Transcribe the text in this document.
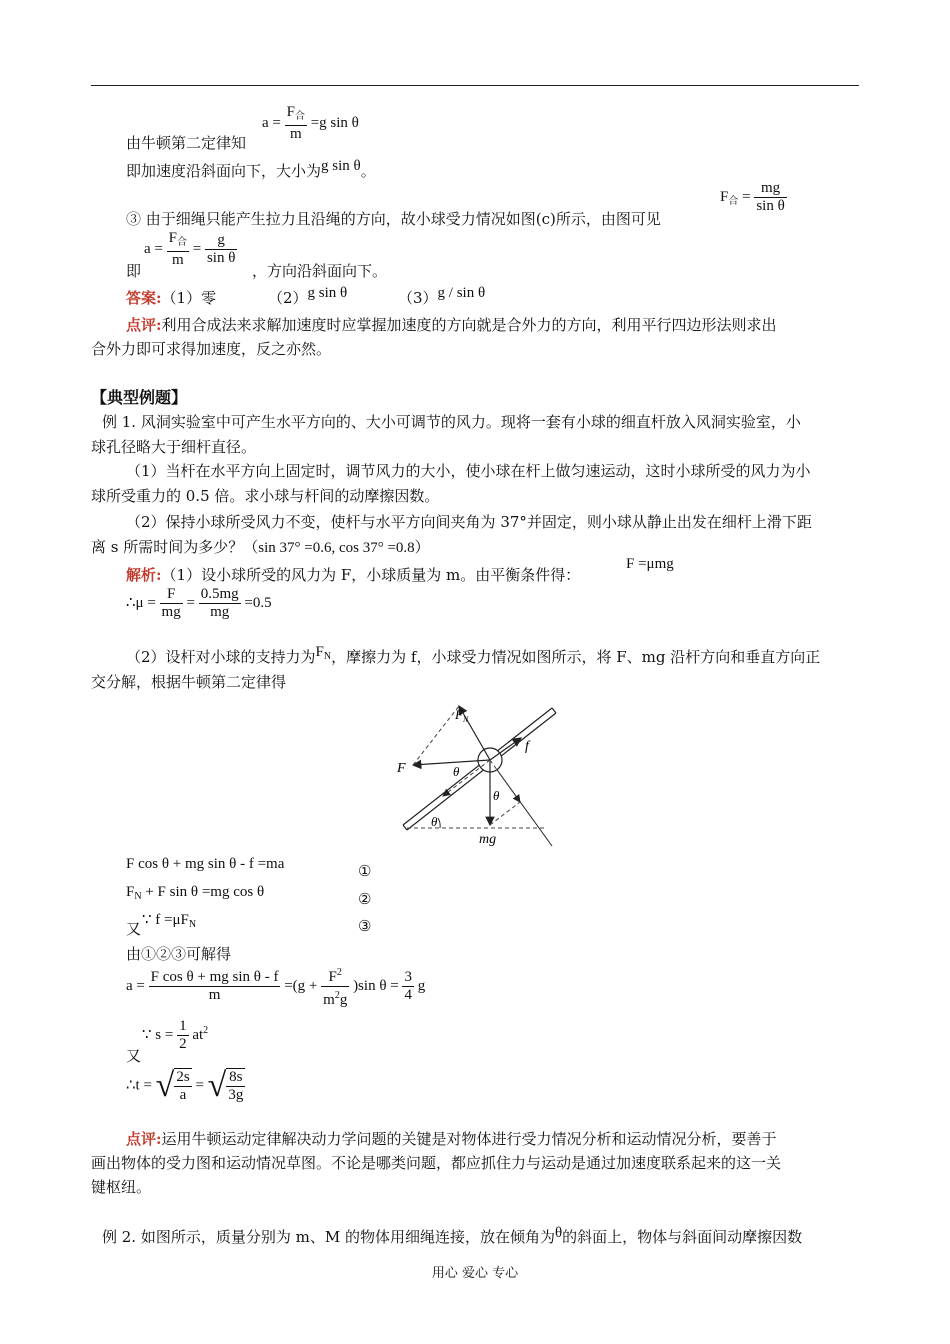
$a = \frac{F_合}{m} =g$ sin θ
由牛顿第二定律知
即加速度沿斜面向下，大小为g sin θ。
③ 由于细绳只能产生拉力且沿绳的方向，故小球受力情况如图(c)所示，由图可见
$F_合 = \frac{mg}{\text{sin θ}}$
$a = \frac{F_合}{m} = \frac{g}{\text{sin θ}}$
即	，方向沿斜面向下。
答案:（1）零	（2）g sin θ	（3）g / sin θ
点评:利用合成法来求解加速度时应掌握加速度的方向就是合外力的方向，利用平行四边形法则求出
合外力即可求得加速度，反之亦然。
【典型例题】
例 1. 风洞实验室中可产生水平方向的、大小可调节的风力。现将一套有小球的细直杆放入风洞实验室，小
球孔径略大于细杆直径。
（1）当杆在水平方向上固定时，调节风力的大小，使小球在杆上做匀速运动，这时小球所受的风力为小
球所受重力的 0.5 倍。求小球与杆间的动摩擦因数。
（2）保持小球所受风力不变，使杆与水平方向间夹角为 37°并固定，则小球从静止出发在细杆上滑下距
离 s 所需时间为多少？（sin 37° =0.6, cos 37° =0.8）
解析:（1）设小球所受的风力为 F，小球质量为 m。由平衡条件得：
F =μmg
∴μ = $\frac{F}{mg} = \frac{0.5mg}{mg} =0.5$
（2）设杆对小球的支持力为$F_N$，摩擦力为 f，小球受力情况如图所示，将 F、mg 沿杆方向和垂直方向正
交分解，根据牛顿第二定律得
$F_N$
F
f
θ
θ
θ
mg
F cos θ + mg sin θ - f =ma	①
$F_N + F$ sin θ =mg cos θ	②
又 ∵ $f =\mu F_N$	③
由①②③可解得
$a = \frac{\text{F cos θ + mg sin θ - f}}{m} =(g + \frac{F^2}{m^2g} )\sin$ $\theta = \frac{3}{4}$ g
又
∵ $s = \frac{1}{2} at^2$
∴t = √ $\frac{2s}{a}$ = √ $\frac{8s}{3g}$
点评:运用牛顿运动定律解决动力学问题的关键是对物体进行受力情况分析和运动情况分析，要善于
画出物体的受力图和运动情况草图。不论是哪类问题，都应抓住力与运动是通过加速度联系起来的这一关
键枢纽。
例 2. 如图所示，质量分别为 m、M 的物体用细绳连接，放在倾角为θ的斜面上，物体与斜面间动摩擦因数
用心 爱心 专心
